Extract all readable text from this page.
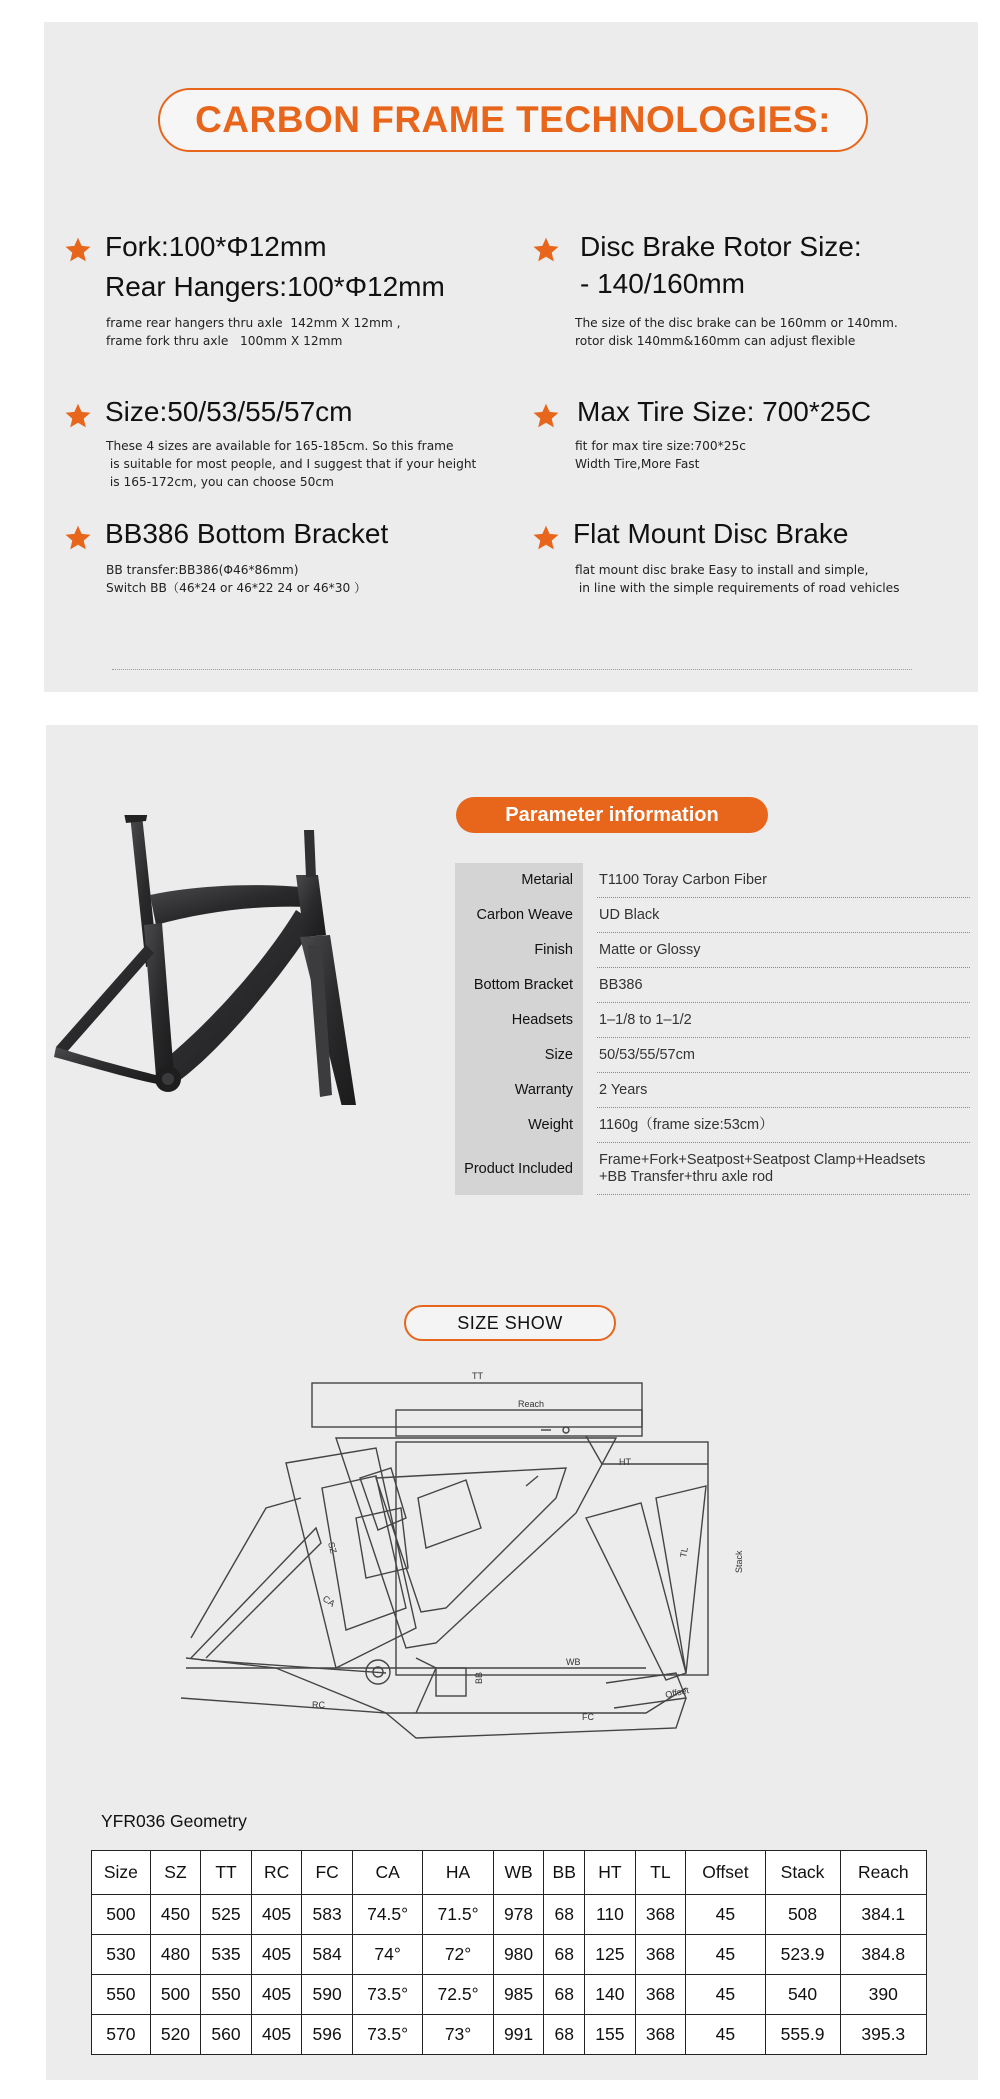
CARBON FRAME TECHNOLOGIES:
Fork:100*Φ12mm
Rear Hangers:100*Φ12mm
frame rear hangers thru axle  142mm X 12mm ,
frame fork thru axle   100mm X 12mm
Disc Brake Rotor Size:
- 140/160mm
The size of the disc brake can be 160mm or 140mm.
rotor disk 140mm&160mm can adjust flexible
Size:50/53/55/57cm
These 4 sizes are available for 165-185cm. So this frame
is suitable for most people, and I suggest that if your height
is 165-172cm, you can choose 50cm
Max Tire Size: 700*25C
fit for max tire size:700*25c
Width Tire,More Fast
BB386 Bottom Bracket
BB transfer:BB386(Φ46*86mm)
Switch BB（46*24 or 46*22 24 or 46*30 ）
Flat Mount Disc Brake
flat mount disc brake Easy to install and simple,
in line with the simple requirements of road vehicles
Parameter information
Metarial	T1100 Toray Carbon Fiber
Carbon Weave	UD Black
Finish	Matte or Glossy
Bottom Bracket	BB386
Headsets	1–1/8 to 1–1/2
Size	50/53/55/57cm
Warranty	2 Years
Weight	1160g（frame size:53cm）
Product Included
Frame+Fork+Seatpost+Seatpost Clamp+Headsets
+BB Transfer+thru axle rod
SIZE SHOW
TT
Reach
HT
TL	Stack
SZ
CA
WB
BB
Offset
RC
FC
YFR036 Geometry
Size	SZ	TT	RC	FC	CA	HA	WB	BB	HT	TL	Offset	Stack	Reach
500	450	525	405	583	74.5°	71.5°	978	68	110	368	45	508	384.1
530	480	535	405	584	74°	72°	980	68	125	368	45	523.9	384.8
550	500	550	405	590	73.5°	72.5°	985	68	140	368	45	540	390
570	520	560	405	596	73.5°	73°	991	68	155	368	45	555.9	395.3
